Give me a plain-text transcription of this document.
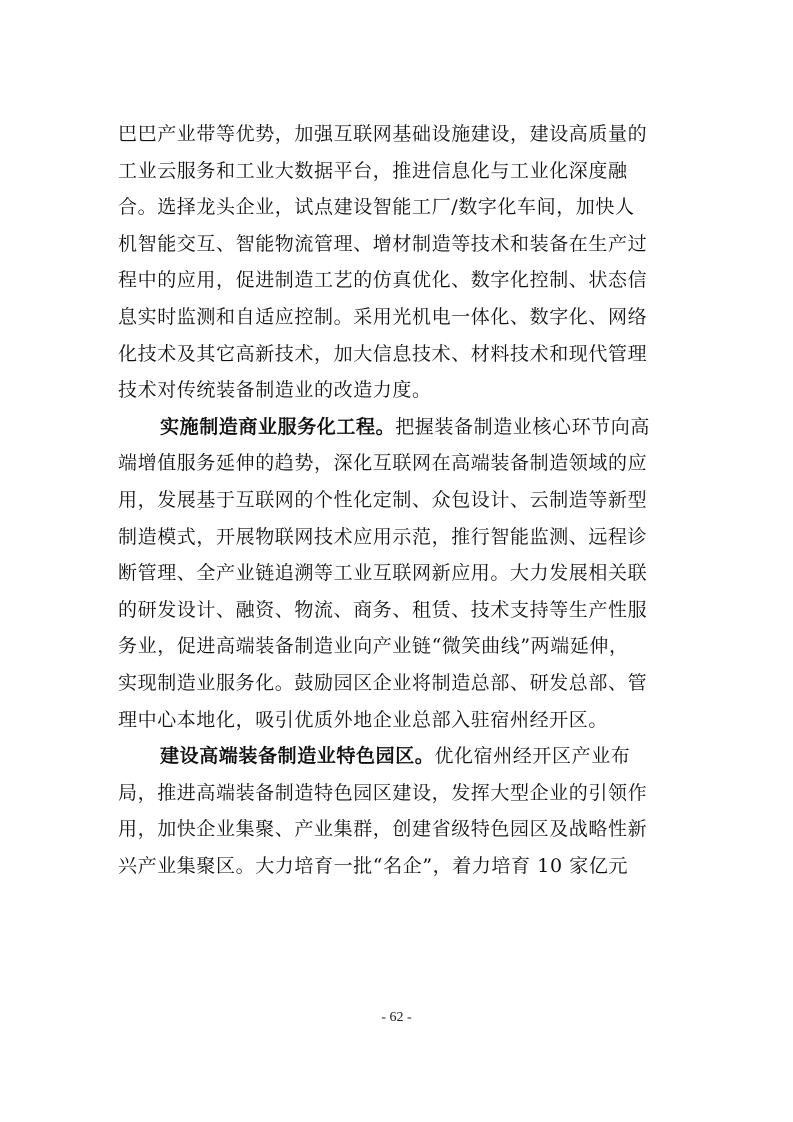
巴巴产业带等优势，加强互联网基础设施建设，建设高质量的
工业云服务和工业大数据平台，推进信息化与工业化深度融
合。选择龙头企业，试点建设智能工厂/数字化车间，加快人
机智能交互、智能物流管理、增材制造等技术和装备在生产过
程中的应用，促进制造工艺的仿真优化、数字化控制、状态信
息实时监测和自适应控制。采用光机电一体化、数字化、网络
化技术及其它高新技术，加大信息技术、材料技术和现代管理
技术对传统装备制造业的改造力度。
实施制造商业服务化工程。把握装备制造业核心环节向高
端增值服务延伸的趋势，深化互联网在高端装备制造领域的应
用，发展基于互联网的个性化定制、众包设计、云制造等新型
制造模式，开展物联网技术应用示范，推行智能监测、远程诊
断管理、全产业链追溯等工业互联网新应用。大力发展相关联
的研发设计、融资、物流、商务、租赁、技术支持等生产性服
务业，促进高端装备制造业向产业链“微笑曲线”两端延伸，
实现制造业服务化。鼓励园区企业将制造总部、研发总部、管
理中心本地化，吸引优质外地企业总部入驻宿州经开区。
建设高端装备制造业特色园区。优化宿州经开区产业布
局，推进高端装备制造特色园区建设，发挥大型企业的引领作
用，加快企业集聚、产业集群，创建省级特色园区及战略性新
兴产业集聚区。大力培育一批“名企”，着力培育 10 家亿元
- 62 -
